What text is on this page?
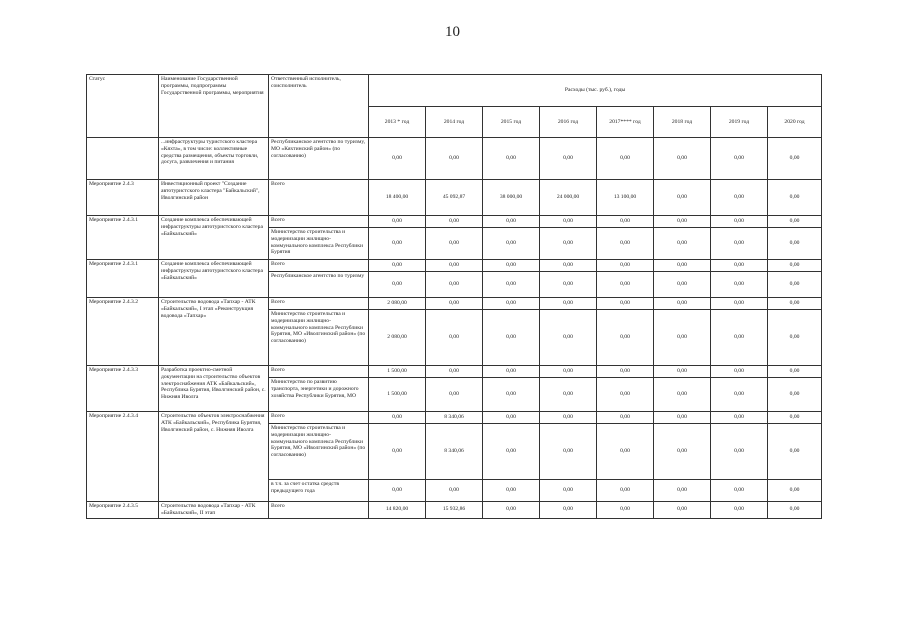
10
Статус	Наименование Государственной программы, подпрограммы Государственной программы, мероприятия	Ответственный исполнитель, соисполнитель	Расходы (тыс. руб.), годы							
			2013 * год	2014 год	2015 год	2016 год	2017**** год	2018 год	2019 год	2020 год
	...инфраструктуры туристского кластера «Кяхта», в том числе: коллективные средства размещения, объекты торговли, досуга, развлечения и питания	Республиканское агентство по туризму, МО «Кяхтинский район» (по согласованию)	0,00	0,00	0,00	0,00	0,00	0,00	0,00	0,00
Мероприятие 2.4.3	Инвестиционный проект "Создание автотуристского кластера "Байкальский", Иволгинский район	Всего	18 400,00	45 092,87	38 000,00	24 000,00	13 100,00	0,00	0,00	0,00
Мероприятие 2.4.3.1	Создание комплекса обеспечивающей инфраструктуры автотуристского кластера «Байкальский»	Всего	0,00	0,00	0,00	0,00	0,00	0,00	0,00	0,00
		Министерство строительства и модернизации жилищно-коммунального комплекса Республики Бурятия	0,00	0,00	0,00	0,00	0,00	0,00	0,00	0,00
Мероприятие 2.4.3.1	Создание комплекса обеспечивающей инфраструктуры автотуристского кластера «Байкальский»	Всего	0,00	0,00	0,00	0,00	0,00	0,00	0,00	0,00
		Республиканское агентство по туризму	0,00	0,00	0,00	0,00	0,00	0,00	0,00	0,00
Мероприятие 2.4.3.2	Строительство водовода «Тапхар - АТК «Байкальский», I этап «Реконструкция водовода «Тапхар»	Всего	2 080,00	0,00	0,00	0,00	0,00	0,00	0,00	0,00
		Министерство строительства и модернизации жилищно-коммунального комплекса Республики Бурятия, МО «Иволгинский район» (по согласованию)	2 080,00	0,00	0,00	0,00	0,00	0,00	0,00	0,00
Мероприятие 2.4.3.3	Разработка проектно-сметной документации на строительство объектов электроснабжения АТК «Байкальский», Республика Бурятия, Иволгинский район, с. Нижняя Иволга	Всего	1 500,00	0,00	0,00	0,00	0,00	0,00	0,00	0,00
		Министерство по развитию транспорта, энергетики и дорожного хозяйства Республики Бурятия, МО	1 500,00	0,00	0,00	0,00	0,00	0,00	0,00	0,00
Мероприятие 2.4.3.4	Строительство объектов электроснабжения АТК «Байкальский», Республика Бурятия, Иволгинский район, с. Нижняя Иволга	Всего	0,00	8 340,06	0,00	0,00	0,00	0,00	0,00	0,00
		Министерство строительства и модернизации жилищно-коммунального комплекса Республики Бурятия, МО «Иволгинский район» (по согласованию)	0,00	8 340,06	0,00	0,00	0,00	0,00	0,00	0,00
		в т.ч. за счет остатка средств предыдущего года	0,00	0,00	0,00	0,00	0,00	0,00	0,00	0,00
Мероприятие 2.4.3.5	Строительство водовода «Тапхар - АТК «Байкальский», II этап	Всего	14 820,00	15 932,86	0,00	0,00	0,00	0,00	0,00	0,00
